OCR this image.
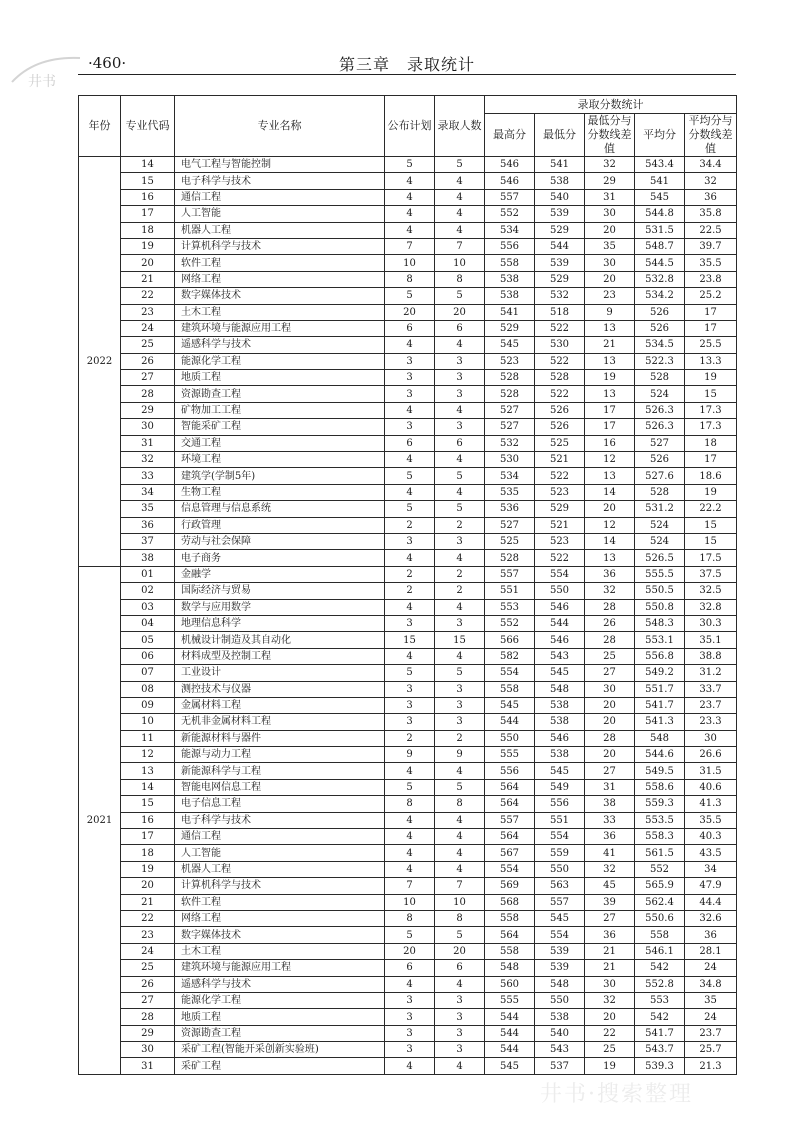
·460·	第三章　录取统计
井书
年份	专业代码	专业名称	公布计划	录取人数	录取分数统计				
					最高分	最低分	最低分与分数线差值	平均分	平均分与分数线差值
2022	14	电气工程与智能控制	5	5	546	541	32	543.4	34.4
	15	电子科学与技术	4	4	546	538	29	541	32
	16	通信工程	4	4	557	540	31	545	36
	17	人工智能	4	4	552	539	30	544.8	35.8
	18	机器人工程	4	4	534	529	20	531.5	22.5
	19	计算机科学与技术	7	7	556	544	35	548.7	39.7
	20	软件工程	10	10	558	539	30	544.5	35.5
	21	网络工程	8	8	538	529	20	532.8	23.8
	22	数字媒体技术	5	5	538	532	23	534.2	25.2
	23	土木工程	20	20	541	518	9	526	17
	24	建筑环境与能源应用工程	6	6	529	522	13	526	17
	25	遥感科学与技术	4	4	545	530	21	534.5	25.5
	26	能源化学工程	3	3	523	522	13	522.3	13.3
	27	地质工程	3	3	528	528	19	528	19
	28	资源勘查工程	3	3	528	522	13	524	15
	29	矿物加工工程	4	4	527	526	17	526.3	17.3
	30	智能采矿工程	3	3	527	526	17	526.3	17.3
	31	交通工程	6	6	532	525	16	527	18
	32	环境工程	4	4	530	521	12	526	17
	33	建筑学(学制5年)	5	5	534	522	13	527.6	18.6
	34	生物工程	4	4	535	523	14	528	19
	35	信息管理与信息系统	5	5	536	529	20	531.2	22.2
	36	行政管理	2	2	527	521	12	524	15
	37	劳动与社会保障	3	3	525	523	14	524	15
	38	电子商务	4	4	528	522	13	526.5	17.5
2021	01	金融学	2	2	557	554	36	555.5	37.5
	02	国际经济与贸易	2	2	551	550	32	550.5	32.5
	03	数学与应用数学	4	4	553	546	28	550.8	32.8
	04	地理信息科学	3	3	552	544	26	548.3	30.3
	05	机械设计制造及其自动化	15	15	566	546	28	553.1	35.1
	06	材料成型及控制工程	4	4	582	543	25	556.8	38.8
	07	工业设计	5	5	554	545	27	549.2	31.2
	08	测控技术与仪器	3	3	558	548	30	551.7	33.7
	09	金属材料工程	3	3	545	538	20	541.7	23.7
	10	无机非金属材料工程	3	3	544	538	20	541.3	23.3
	11	新能源材料与器件	2	2	550	546	28	548	30
	12	能源与动力工程	9	9	555	538	20	544.6	26.6
	13	新能源科学与工程	4	4	556	545	27	549.5	31.5
	14	智能电网信息工程	5	5	564	549	31	558.6	40.6
	15	电子信息工程	8	8	564	556	38	559.3	41.3
	16	电子科学与技术	4	4	557	551	33	553.5	35.5
	17	通信工程	4	4	564	554	36	558.3	40.3
	18	人工智能	4	4	567	559	41	561.5	43.5
	19	机器人工程	4	4	554	550	32	552	34
	20	计算机科学与技术	7	7	569	563	45	565.9	47.9
	21	软件工程	10	10	568	557	39	562.4	44.4
	22	网络工程	8	8	558	545	27	550.6	32.6
	23	数字媒体技术	5	5	564	554	36	558	36
	24	土木工程	20	20	558	539	21	546.1	28.1
	25	建筑环境与能源应用工程	6	6	548	539	21	542	24
	26	遥感科学与技术	4	4	560	548	30	552.8	34.8
	27	能源化学工程	3	3	555	550	32	553	35
	28	地质工程	3	3	544	538	20	542	24
	29	资源勘查工程	3	3	544	540	22	541.7	23.7
	30	采矿工程(智能开采创新实验班)	3	3	544	543	25	543.7	25.7
	31	采矿工程	4	4	545	537	19	539.3	21.3
井书·搜索整理
